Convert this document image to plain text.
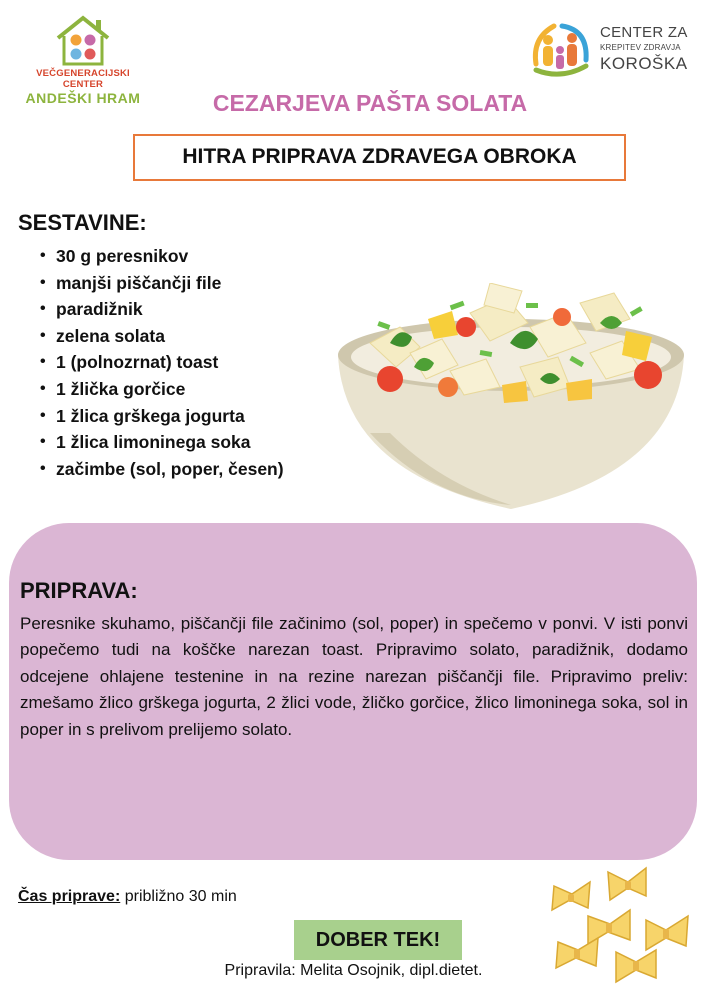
VEČGENERACIJSKI CENTER
ANDEŠKI HRAM
CENTER ZA
KREPITEV ZDRAVJA
KOROŠKA
CEZARJEVA PAŠTA SOLATA
HITRA PRIPRAVA ZDRAVEGA OBROKA
SESTAVINE:
• 30 g peresnikov
• manjši piščančji file
• paradižnik
• zelena solata
• 1 (polnozrnat) toast
• 1 žlička gorčice
• 1 žlica grškega jogurta
• 1 žlica limoninega soka
• začimbe (sol, poper, česen)
PRIPRAVA:
Peresnike skuhamo, piščančji file začinimo (sol, poper) in spečemo v ponvi. V isti ponvi popečemo tudi na koščke narezan toast. Pripravimo solato, paradižnik, dodamo odcejene ohlajene testenine in na rezine narezan piščančji file. Pripravimo preliv: zmešamo žlico grškega jogurta, 2 žlici vode, žličko gorčice, žlico limoninega soka, sol in poper in s prelivom prelijemo solato.
Čas priprave: približno 30 min
DOBER TEK!
Pripravila: Melita Osojnik, dipl.dietet.
